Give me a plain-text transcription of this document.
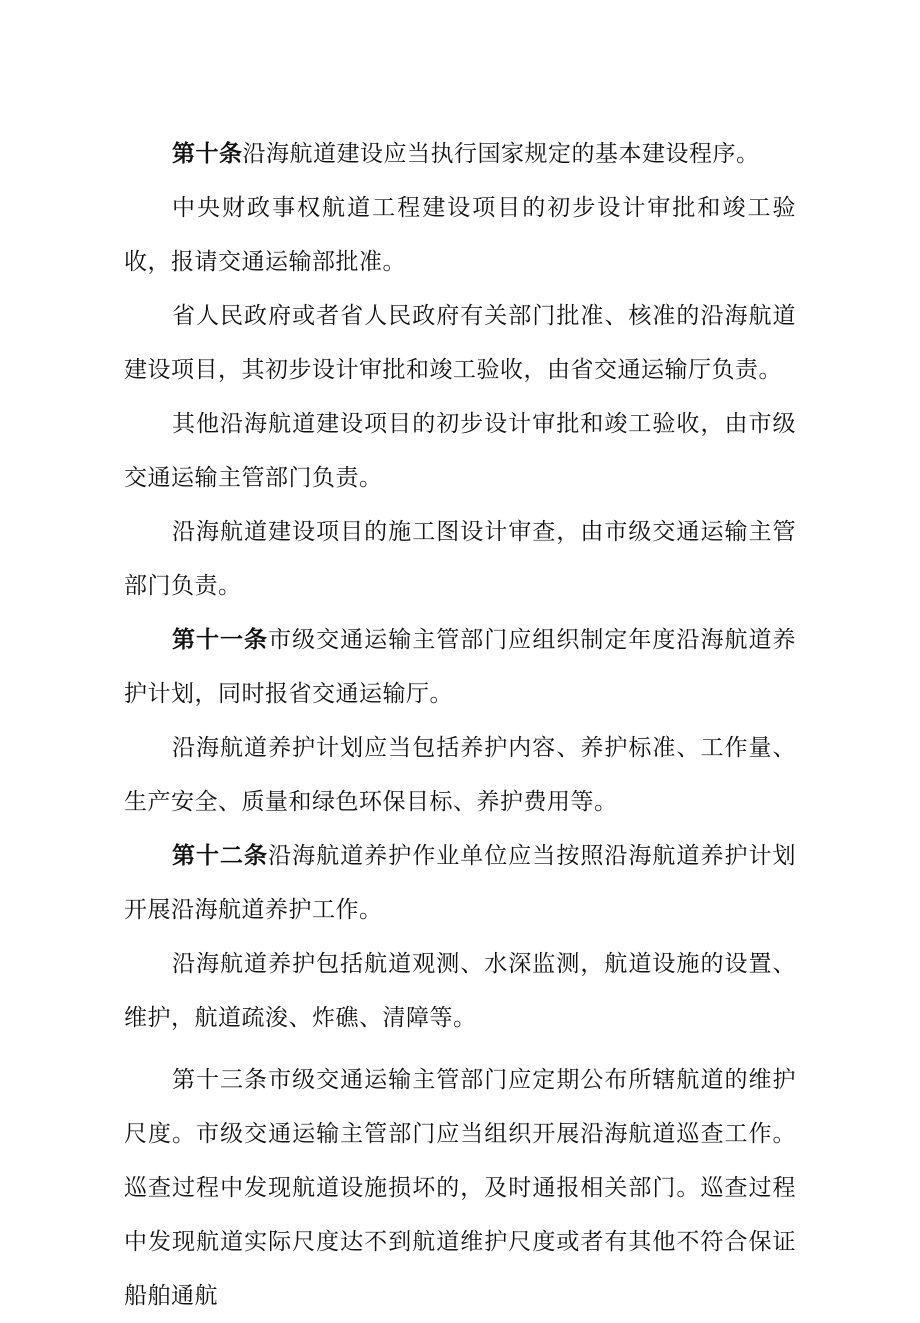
第十条沿海航道建设应当执行国家规定的基本建设程序。

中央财政事权航道工程建设项目的初步设计审批和竣工验收，报请交通运输部批准。

省人民政府或者省人民政府有关部门批准、核准的沿海航道建设项目，其初步设计审批和竣工验收，由省交通运输厅负责。

其他沿海航道建设项目的初步设计审批和竣工验收，由市级交通运输主管部门负责。

沿海航道建设项目的施工图设计审查，由市级交通运输主管部门负责。

第十一条市级交通运输主管部门应组织制定年度沿海航道养护计划，同时报省交通运输厅。

沿海航道养护计划应当包括养护内容、养护标准、工作量、生产安全、质量和绿色环保目标、养护费用等。

第十二条沿海航道养护作业单位应当按照沿海航道养护计划开展沿海航道养护工作。

沿海航道养护包括航道观测、水深监测，航道设施的设置、维护，航道疏浚、炸礁、清障等。

第十三条市级交通运输主管部门应定期公布所辖航道的维护尺度。市级交通运输主管部门应当组织开展沿海航道巡查工作。巡查过程中发现航道设施损坏的，及时通报相关部门。巡查过程中发现航道实际尺度达不到航道维护尺度或者有其他不符合保证船舶通航
